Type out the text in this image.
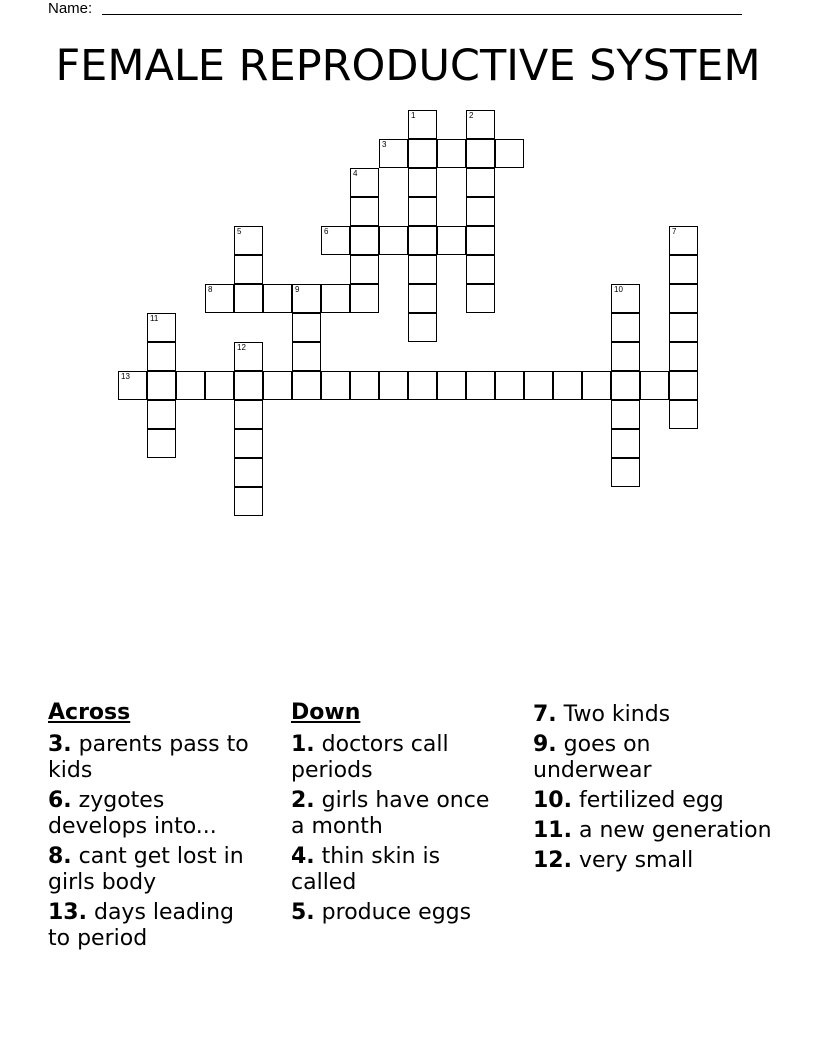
Name:
FEMALE REPRODUCTIVE SYSTEM
1	2
3
4
5	6	7
8	9	10
11
12
13
Across
3. parents pass to kids
6. zygotes develops into...
8. cant get lost in girls body
13. days leading to period
Down
1. doctors call periods
2. girls have once a month
4. thin skin is called
5. produce eggs
7. Two kinds
9. goes on underwear
10. fertilized egg
11. a new generation
12. very small
